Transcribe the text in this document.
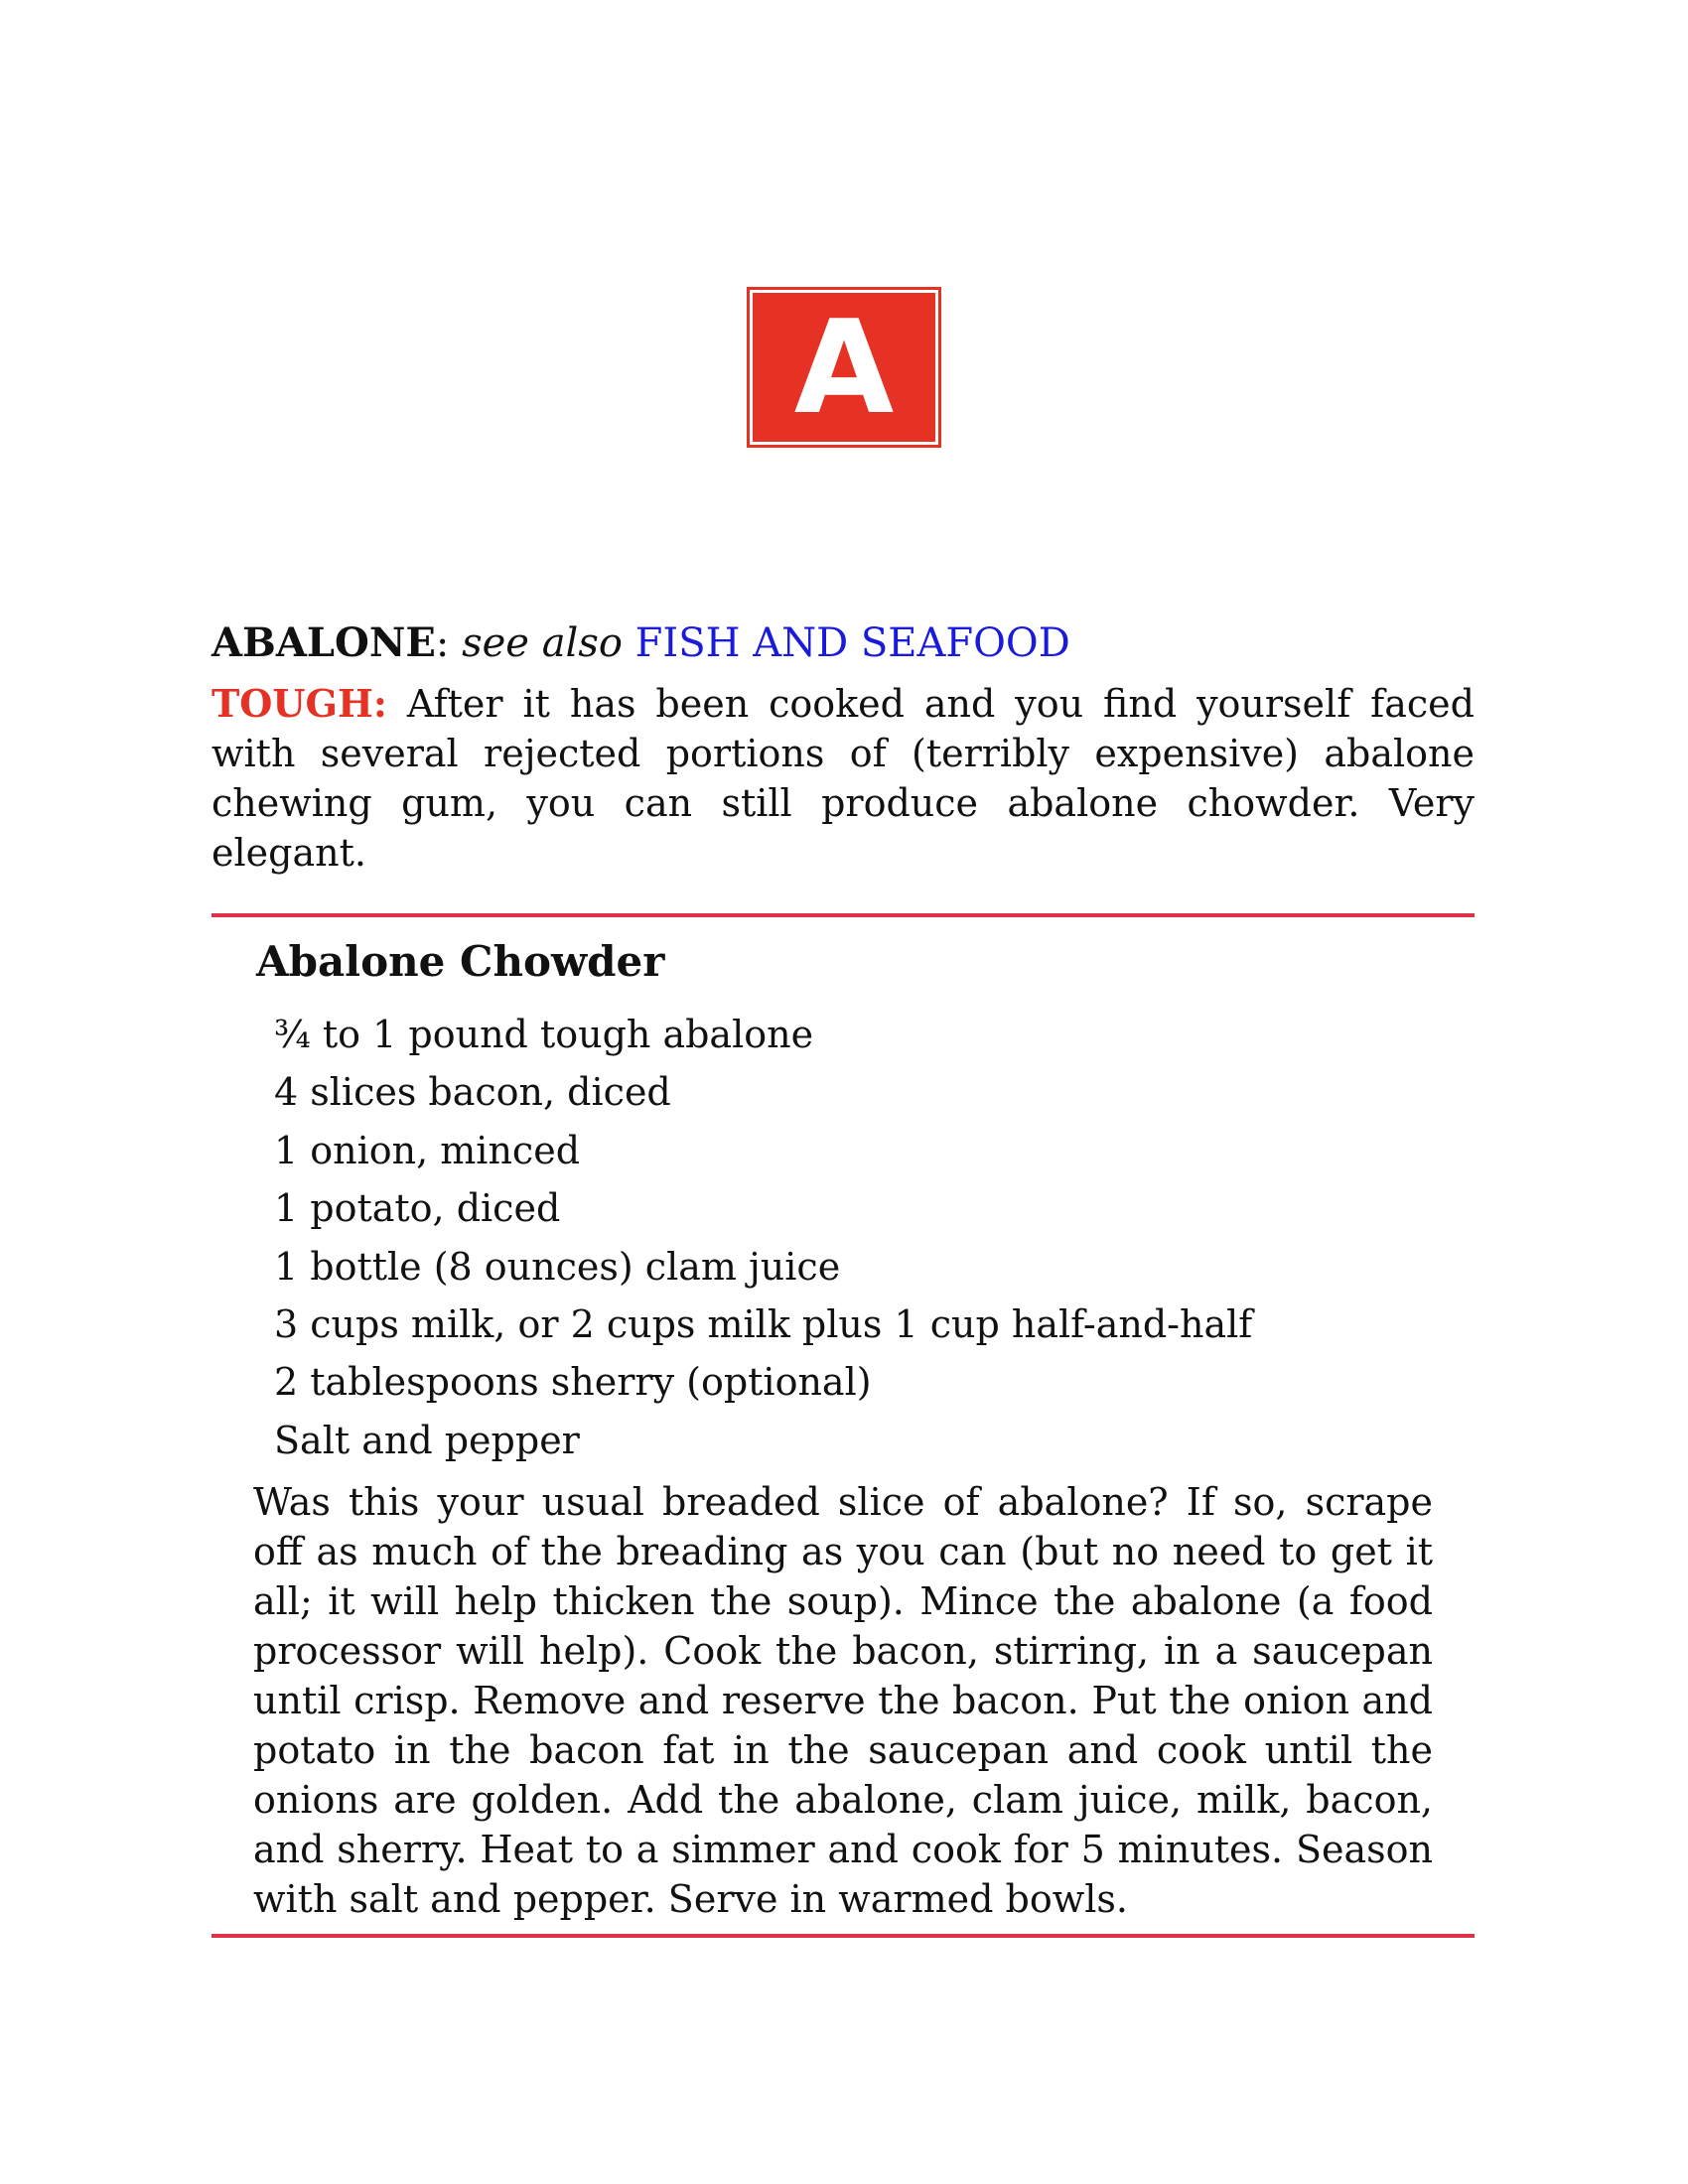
A
ABALONE: see also FISH AND SEAFOOD

TOUGH: After it has been cooked and you find yourself faced with several rejected portions of (terribly expensive) abalone chewing gum, you can still produce abalone chowder. Very elegant.

Abalone Chowder
¾ to 1 pound tough abalone
4 slices bacon, diced
1 onion, minced
1 potato, diced
1 bottle (8 ounces) clam juice
3 cups milk, or 2 cups milk plus 1 cup half-and-half
2 tablespoons sherry (optional)
Salt and pepper

Was this your usual breaded slice of abalone? If so, scrape off as much of the breading as you can (but no need to get it all; it will help thicken the soup). Mince the abalone (a food processor will help). Cook the bacon, stirring, in a saucepan until crisp. Remove and reserve the bacon. Put the onion and potato in the bacon fat in the saucepan and cook until the onions are golden. Add the abalone, clam juice, milk, bacon, and sherry. Heat to a simmer and cook for 5 minutes. Season with salt and pepper. Serve in warmed bowls.
